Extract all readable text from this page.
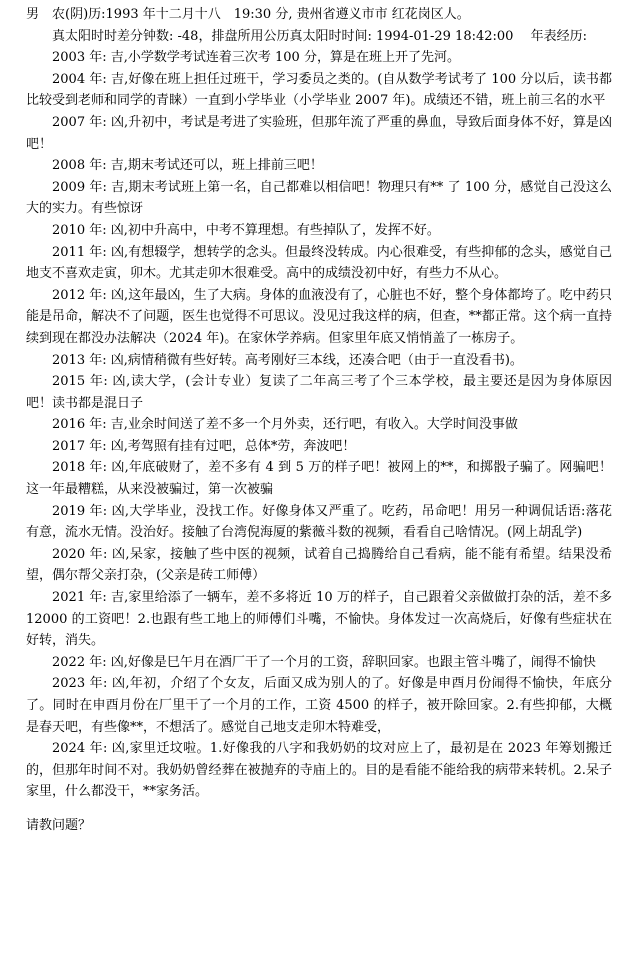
男　农(阴)历:1993 年十二月十八　19:30 分, 贵州省遵义市市 红花岗区人。

真太阳时时差分钟数: -48，排盘所用公历真太阳时时间: 1994-01-29 18:42:00　 年表经历:

2003 年: 吉,小学数学考试连着三次考 100 分，算是在班上开了先河。

2004 年: 吉,好像在班上担任过班干，学习委员之类的。(自从数学考试考了 100 分以后，读书都比较受到老师和同学的青睐）一直到小学毕业（小学毕业 2007 年)。成绩还不错，班上前三名的水平

2007 年: 凶,升初中，考试是考进了实验班，但那年流了严重的鼻血，导致后面身体不好，算是凶吧！

2008 年: 吉,期末考试还可以，班上排前三吧！

2009 年: 吉,期末考试班上第一名，自己都难以相信吧！物理只有** 了 100 分，感觉自己没这么大的实力。有些惊讶

2010 年: 凶,初中升高中，中考不算理想。有些掉队了，发挥不好。

2011 年: 凶,有想辍学，想转学的念头。但最终没转成。内心很难受，有些抑郁的念头，感觉自己地支不喜欢走寅，卯木。尤其走卯木很难受。高中的成绩没初中好，有些力不从心。

2012 年: 凶,这年最凶，生了大病。身体的血液没有了，心脏也不好，整个身体都垮了。吃中药只能是吊命，解决不了问题，医生也觉得不可思议。没见过我这样的病，但查，**都正常。这个病一直持续到现在都没办法解决（2024 年)。在家休学养病。但家里年底又悄悄盖了一栋房子。

2013 年: 凶,病情稍微有些好转。高考刚好三本线，还凑合吧（由于一直没看书)。

2015 年: 凶,读大学，(会计专业）复读了二年高三考了个三本学校，最主要还是因为身体原因吧！读书都是混日子

2016 年: 吉,业余时间送了差不多一个月外卖，还行吧，有收入。大学时间没事做

2017 年: 凶,考驾照有挂有过吧，总体*劳，奔波吧！

2018 年: 凶,年底破财了，差不多有 4 到 5 万的样子吧！被网上的**，和掷骰子骗了。网骗吧！这一年最糟糕，从来没被骗过，第一次被骗

2019 年: 凶,大学毕业，没找工作。好像身体又严重了。吃药，吊命吧！用另一种调侃话语:落花有意，流水无情。没治好。接触了台湾倪海厦的紫薇斗数的视频，看看自己啥情况。(网上胡乱学)

2020 年: 凶,呆家，接触了些中医的视频，试着自己捣腾给自己看病，能不能有希望。结果没希望，偶尔帮父亲打杂，(父亲是砖工师傅）

2021 年: 吉,家里给添了一辆车，差不多将近 10 万的样子，自己跟着父亲做做打杂的活，差不多 12000 的工资吧！2.也跟有些工地上的师傅们斗嘴，不愉快。身体发过一次高烧后，好像有些症状在好转，消失。

2022 年: 凶,好像是巳午月在酒厂干了一个月的工资，辞职回家。也跟主管斗嘴了，闹得不愉快

2023 年: 凶,年初，介绍了个女友，后面又成为别人的了。好像是申酉月份闹得不愉快，年底分了。同时在申酉月份在厂里干了一个月的工作，工资 4500 的样子，被开除回家。2.有些抑郁，大概是春天吧，有些像**，不想活了。感觉自己地支走卯木特难受，

2024 年: 凶,家里迁坟啦。1.好像我的八字和我奶奶的坟对应上了，最初是在 2023 年筹划搬迁的，但那年时间不对。我奶奶曾经葬在被抛弃的寺庙上的。目的是看能不能给我的病带来转机。2.呆子家里，什么都没干，**家务活。

请教问题？
